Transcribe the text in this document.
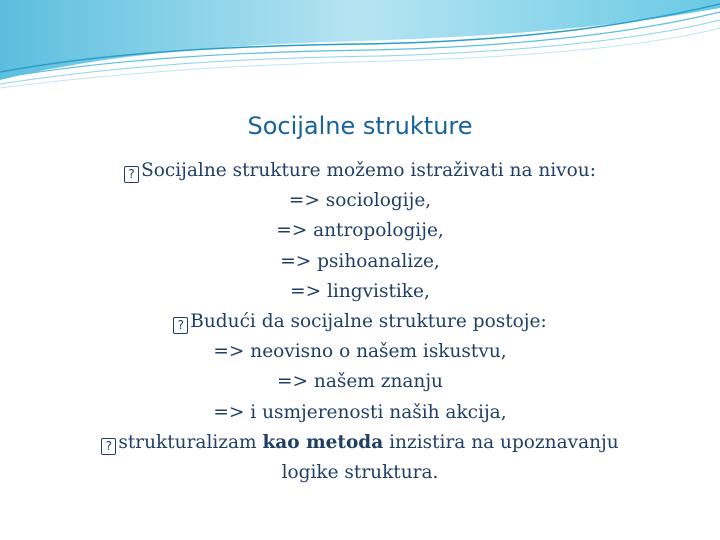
Socijalne strukture
? Socijalne strukture možemo istraživati na nivou:
=> sociologije,
=> antropologije,
=> psihoanalize,
=> lingvistike,
? Budući da socijalne strukture postoje:
=> neovisno o našem iskustvu,
=> našem znanju
=> i usmjerenosti naših akcija,
? strukturalizam kao metoda inzistira na upoznavanju
logike struktura.
